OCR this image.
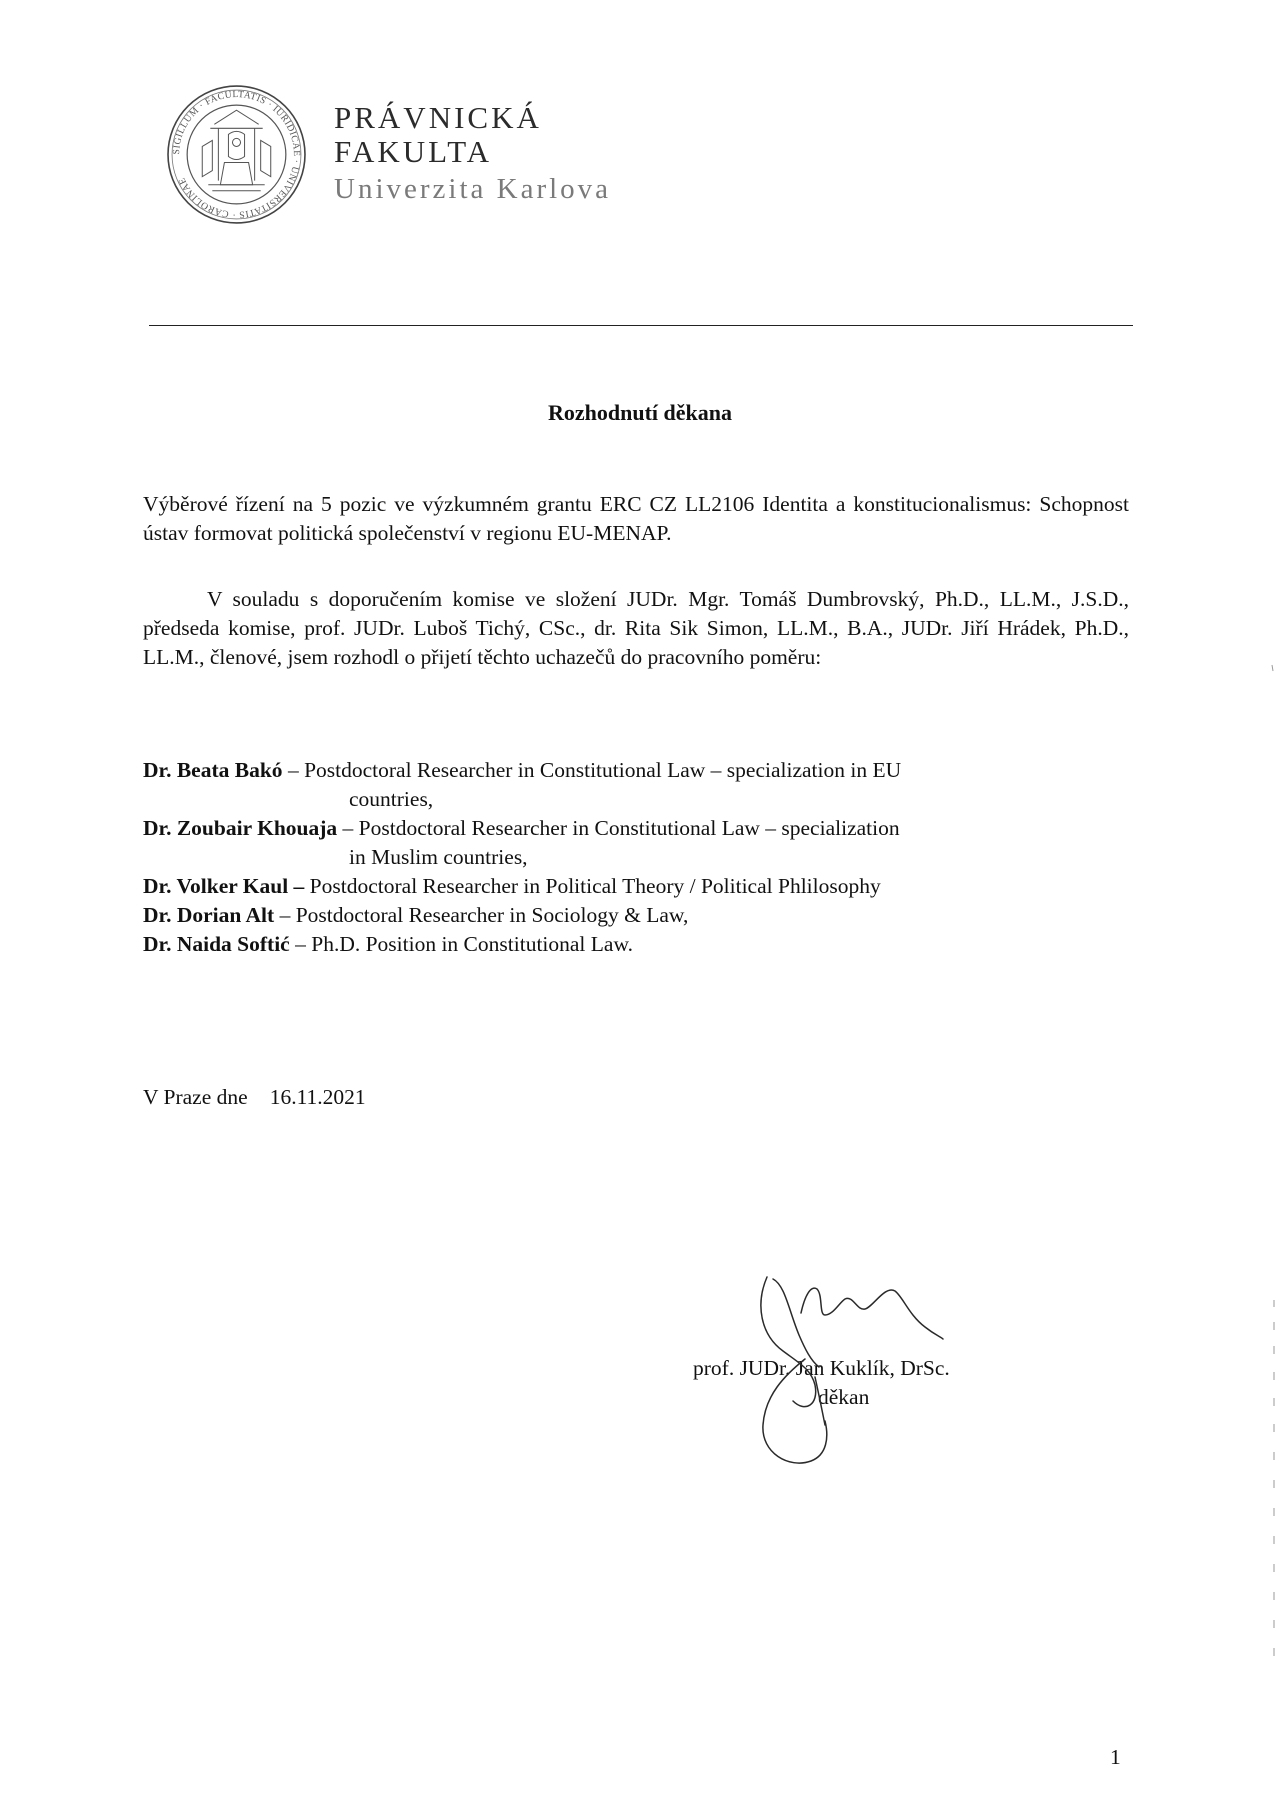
SIGILLUM · FACULTATIS · IURIDICAE · UNIVERSITATIS · CAROLINAE
PRÁVNICKÁ
FAKULTA
Univerzita Karlova
Rozhodnutí děkana
Výběrové řízení na 5 pozic ve výzkumném grantu ERC CZ LL2106 Identita a konstitucionalismus: Schopnost ústav formovat politická společenství v regionu EU-MENAP.
V souladu s doporučením komise ve složení JUDr. Mgr. Tomáš Dumbrovský, Ph.D., LL.M., J.S.D., předseda komise, prof. JUDr. Luboš Tichý, CSc., dr. Rita Sik Simon, LL.M., B.A., JUDr. Jiří Hrádek, Ph.D., LL.M., členové, jsem rozhodl o přijetí těchto uchazečů do pracovního poměru:
Dr. Beata Bakó – Postdoctoral Researcher in Constitutional Law – specialization in EU
countries,
Dr. Zoubair Khouaja – Postdoctoral Researcher in Constitutional Law – specialization
in Muslim countries,
Dr. Volker Kaul – Postdoctoral Researcher in Political Theory / Political Phlilosophy
Dr. Dorian Alt – Postdoctoral Researcher in Sociology & Law,
Dr. Naida Softić – Ph.D. Position in Constitutional Law.
V Praze dne 16.11.2021
prof. JUDr. Jan Kuklík, DrSc.
děkan
1
